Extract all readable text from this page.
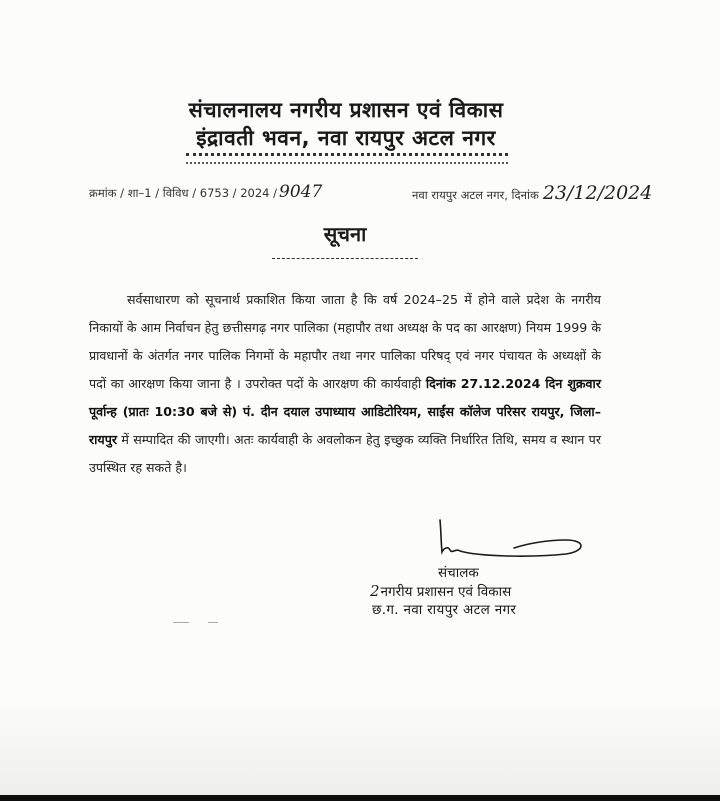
संचालनालय नगरीय प्रशासन एवं विकास
इंद्रावती भवन, नवा रायपुर अटल नगर
क्रमांक / शा–1 / विविध / 6753 / 2024 / 9047	नवा रायपुर अटल नगर, दिनांक 23/12/2024
सूचना
सर्वसाधारण को सूचनार्थ प्रकाशित किया जाता है कि वर्ष 2024–25 में होने वाले प्रदेश के नगरीय निकायों के आम निर्वाचन हेतु छत्तीसगढ़ नगर पालिका (महापौर तथा अध्यक्ष के पद का आरक्षण) नियम 1999 के प्रावधानों के अंतर्गत नगर पालिक निगमों के महापौर तथा नगर पालिका परिषद् एवं नगर पंचायत के अध्यक्षों के पदों का आरक्षण किया जाना है । उपरोक्त पदों के आरक्षण की कार्यवाही दिनांक 27.12.2024 दिन शुक्रवार पूर्वान्ह (प्रातः 10:30 बजे से) पं. दीन दयाल उपाध्याय आडिटोरियम, साईंस कॉलेज परिसर रायपुर, जिला–रायपुर में सम्पादित की जाएगी। अतः कार्यवाही के अवलोकन हेतु इच्छुक व्यक्ति निर्धारित तिथि, समय व स्थान पर उपस्थित रह सकते है।
संचालक
2नगरीय प्रशासन एवं विकास
छ.ग. नवा रायपुर अटल नगर
